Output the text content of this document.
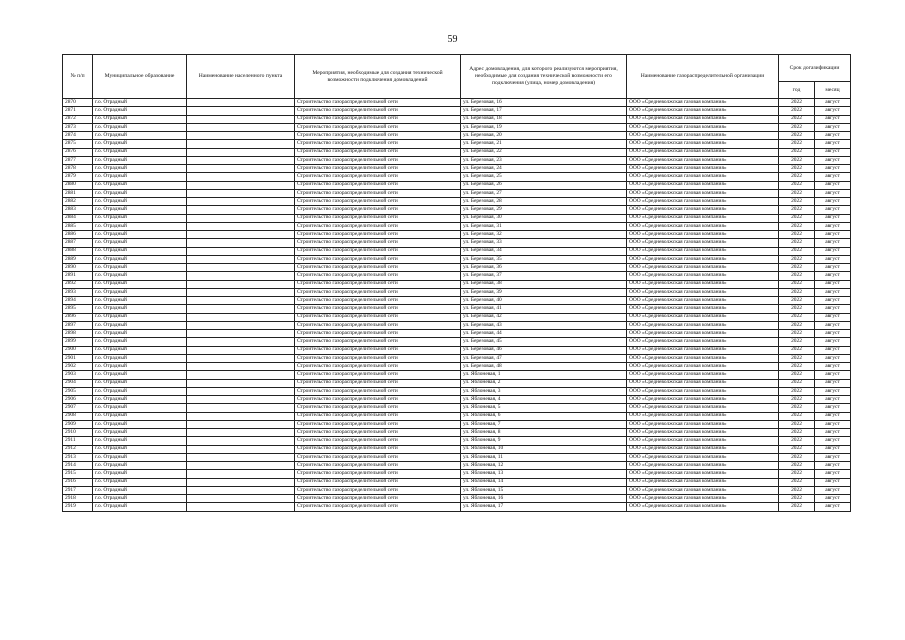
59
№ п/п	Муниципальное образование	Наименование населенного пункта	Мероприятия, необходимые для создания технической возможности подключения домовладений	Адрес домовладения, для которого реализуются мероприятия, необходимые для создания технической возможности его подключения (улица, номер домовладения)	Наименование газораспределительной организации	Срок догазификации	
						год	месяц
2870	г.о. Отрадный		Строительство газораспределительной сети	ул. Березовая, 16	ООО «Средневолжская газовая компания»	2022	август
2871	г.о. Отрадный		Строительство газораспределительной сети	ул. Березовая, 17	ООО «Средневолжская газовая компания»	2022	август
2872	г.о. Отрадный		Строительство газораспределительной сети	ул. Березовая, 18	ООО «Средневолжская газовая компания»	2022	август
2873	г.о. Отрадный		Строительство газораспределительной сети	ул. Березовая, 19	ООО «Средневолжская газовая компания»	2022	август
2874	г.о. Отрадный		Строительство газораспределительной сети	ул. Березовая, 20	ООО «Средневолжская газовая компания»	2022	август
2875	г.о. Отрадный		Строительство газораспределительной сети	ул. Березовая, 21	ООО «Средневолжская газовая компания»	2022	август
2876	г.о. Отрадный		Строительство газораспределительной сети	ул. Березовая, 22	ООО «Средневолжская газовая компания»	2022	август
2877	г.о. Отрадный		Строительство газораспределительной сети	ул. Березовая, 23	ООО «Средневолжская газовая компания»	2022	август
2878	г.о. Отрадный		Строительство газораспределительной сети	ул. Березовая, 24	ООО «Средневолжская газовая компания»	2022	август
2879	г.о. Отрадный		Строительство газораспределительной сети	ул. Березовая, 25	ООО «Средневолжская газовая компания»	2022	август
2880	г.о. Отрадный		Строительство газораспределительной сети	ул. Березовая, 26	ООО «Средневолжская газовая компания»	2022	август
2881	г.о. Отрадный		Строительство газораспределительной сети	ул. Березовая, 27	ООО «Средневолжская газовая компания»	2022	август
2882	г.о. Отрадный		Строительство газораспределительной сети	ул. Березовая, 28	ООО «Средневолжская газовая компания»	2022	август
2883	г.о. Отрадный		Строительство газораспределительной сети	ул. Березовая, 29	ООО «Средневолжская газовая компания»	2022	август
2884	г.о. Отрадный		Строительство газораспределительной сети	ул. Березовая, 30	ООО «Средневолжская газовая компания»	2022	август
2885	г.о. Отрадный		Строительство газораспределительной сети	ул. Березовая, 31	ООО «Средневолжская газовая компания»	2022	август
2886	г.о. Отрадный		Строительство газораспределительной сети	ул. Березовая, 32	ООО «Средневолжская газовая компания»	2022	август
2887	г.о. Отрадный		Строительство газораспределительной сети	ул. Березовая, 33	ООО «Средневолжская газовая компания»	2022	август
2888	г.о. Отрадный		Строительство газораспределительной сети	ул. Березовая, 34	ООО «Средневолжская газовая компания»	2022	август
2889	г.о. Отрадный		Строительство газораспределительной сети	ул. Березовая, 35	ООО «Средневолжская газовая компания»	2022	август
2890	г.о. Отрадный		Строительство газораспределительной сети	ул. Березовая, 36	ООО «Средневолжская газовая компания»	2022	август
2891	г.о. Отрадный		Строительство газораспределительной сети	ул. Березовая, 37	ООО «Средневолжская газовая компания»	2022	август
2892	г.о. Отрадный		Строительство газораспределительной сети	ул. Березовая, 38	ООО «Средневолжская газовая компания»	2022	август
2893	г.о. Отрадный		Строительство газораспределительной сети	ул. Березовая, 39	ООО «Средневолжская газовая компания»	2022	август
2894	г.о. Отрадный		Строительство газораспределительной сети	ул. Березовая, 40	ООО «Средневолжская газовая компания»	2022	август
2895	г.о. Отрадный		Строительство газораспределительной сети	ул. Березовая, 41	ООО «Средневолжская газовая компания»	2022	август
2896	г.о. Отрадный		Строительство газораспределительной сети	ул. Березовая, 42	ООО «Средневолжская газовая компания»	2022	август
2897	г.о. Отрадный		Строительство газораспределительной сети	ул. Березовая, 43	ООО «Средневолжская газовая компания»	2022	август
2898	г.о. Отрадный		Строительство газораспределительной сети	ул. Березовая, 44	ООО «Средневолжская газовая компания»	2022	август
2899	г.о. Отрадный		Строительство газораспределительной сети	ул. Березовая, 45	ООО «Средневолжская газовая компания»	2022	август
2900	г.о. Отрадный		Строительство газораспределительной сети	ул. Березовая, 46	ООО «Средневолжская газовая компания»	2022	август
2901	г.о. Отрадный		Строительство газораспределительной сети	ул. Березовая, 47	ООО «Средневолжская газовая компания»	2022	август
2902	г.о. Отрадный		Строительство газораспределительной сети	ул. Березовая, 48	ООО «Средневолжская газовая компания»	2022	август
2903	г.о. Отрадный		Строительство газораспределительной сети	ул. Яблоневая, 1	ООО «Средневолжская газовая компания»	2022	август
2904	г.о. Отрадный		Строительство газораспределительной сети	ул. Яблоневая, 2	ООО «Средневолжская газовая компания»	2022	август
2905	г.о. Отрадный		Строительство газораспределительной сети	ул. Яблоневая, 3	ООО «Средневолжская газовая компания»	2022	август
2906	г.о. Отрадный		Строительство газораспределительной сети	ул. Яблоневая, 4	ООО «Средневолжская газовая компания»	2022	август
2907	г.о. Отрадный		Строительство газораспределительной сети	ул. Яблоневая, 5	ООО «Средневолжская газовая компания»	2022	август
2908	г.о. Отрадный		Строительство газораспределительной сети	ул. Яблоневая, 6	ООО «Средневолжская газовая компания»	2022	август
2909	г.о. Отрадный		Строительство газораспределительной сети	ул. Яблоневая, 7	ООО «Средневолжская газовая компания»	2022	август
2910	г.о. Отрадный		Строительство газораспределительной сети	ул. Яблоневая, 8	ООО «Средневолжская газовая компания»	2022	август
2911	г.о. Отрадный		Строительство газораспределительной сети	ул. Яблоневая, 9	ООО «Средневолжская газовая компания»	2022	август
2912	г.о. Отрадный		Строительство газораспределительной сети	ул. Яблоневая, 10	ООО «Средневолжская газовая компания»	2022	август
2913	г.о. Отрадный		Строительство газораспределительной сети	ул. Яблоневая, 11	ООО «Средневолжская газовая компания»	2022	август
2914	г.о. Отрадный		Строительство газораспределительной сети	ул. Яблоневая, 12	ООО «Средневолжская газовая компания»	2022	август
2915	г.о. Отрадный		Строительство газораспределительной сети	ул. Яблоневая, 13	ООО «Средневолжская газовая компания»	2022	август
2916	г.о. Отрадный		Строительство газораспределительной сети	ул. Яблоневая, 14	ООО «Средневолжская газовая компания»	2022	август
2917	г.о. Отрадный		Строительство газораспределительной сети	ул. Яблоневая, 15	ООО «Средневолжская газовая компания»	2022	август
2918	г.о. Отрадный		Строительство газораспределительной сети	ул. Яблоневая, 16	ООО «Средневолжская газовая компания»	2022	август
2919	г.о. Отрадный		Строительство газораспределительной сети	ул. Яблоневая, 17	ООО «Средневолжская газовая компания»	2022	август
